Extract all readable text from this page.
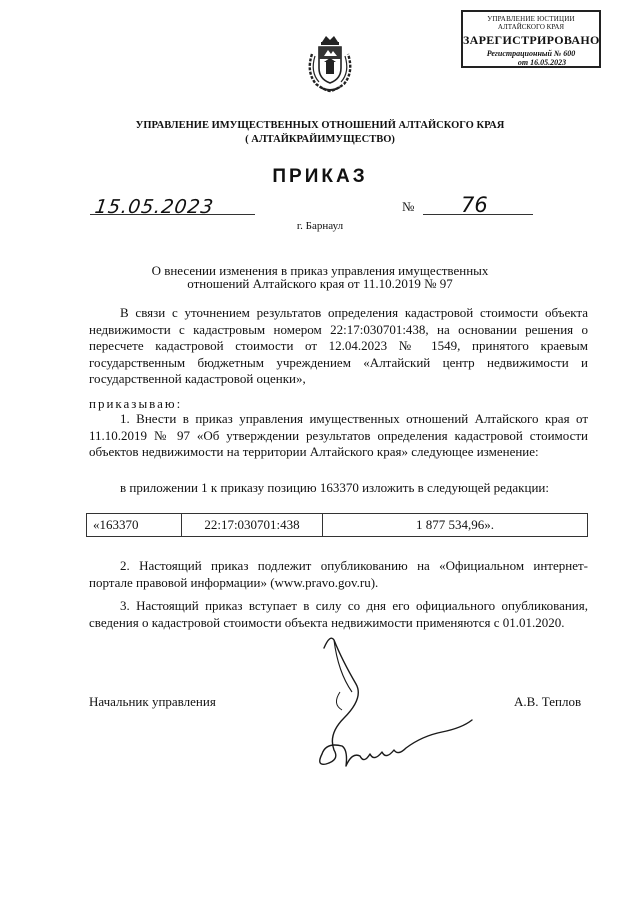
УПРАВЛЕНИЕ ЮСТИЦИИ
АЛТАЙСКОГО КРАЯ
ЗАРЕГИСТРИРОВАНО
Регистрационный № 600
от 16.05.2023
УПРАВЛЕНИЕ ИМУЩЕСТВЕННЫХ ОТНОШЕНИЙ АЛТАЙСКОГО КРАЯ
( АЛТАЙКРАЙИМУЩЕСТВО)
ПРИКАЗ
15.05.2023	№ 76
г. Барнаул
О внесении изменения в приказ управления имущественных
отношений Алтайского края от 11.10.2019 № 97
В связи с уточнением результатов определения кадастровой стоимости объекта недвижимости с кадастровым номером 22:17:030701:438, на основании решения о пересчете кадастровой стоимости от 12.04.2023 № 1549, принятого краевым государственным бюджетным учреждением «Алтайский центр недвижимости и государственной кадастровой оценки»,
приказываю:
1. Внести в приказ управления имущественных отношений Алтайского края от 11.10.2019 № 97 «Об утверждении результатов определения кадастровой стоимости объектов недвижимости на территории Алтайского края» следующее изменение:
в приложении 1 к приказу позицию 163370 изложить в следующей редакции:
«163370	22:17:030701:438	1 877 534,96».
2. Настоящий приказ подлежит опубликованию на «Официальном интернет-портале правовой информации» (www.pravo.gov.ru).
3. Настоящий приказ вступает в силу со дня его официального опубликования, сведения о кадастровой стоимости объекта недвижимости применяются с 01.01.2020.
Начальник управления	А.В. Теплов
